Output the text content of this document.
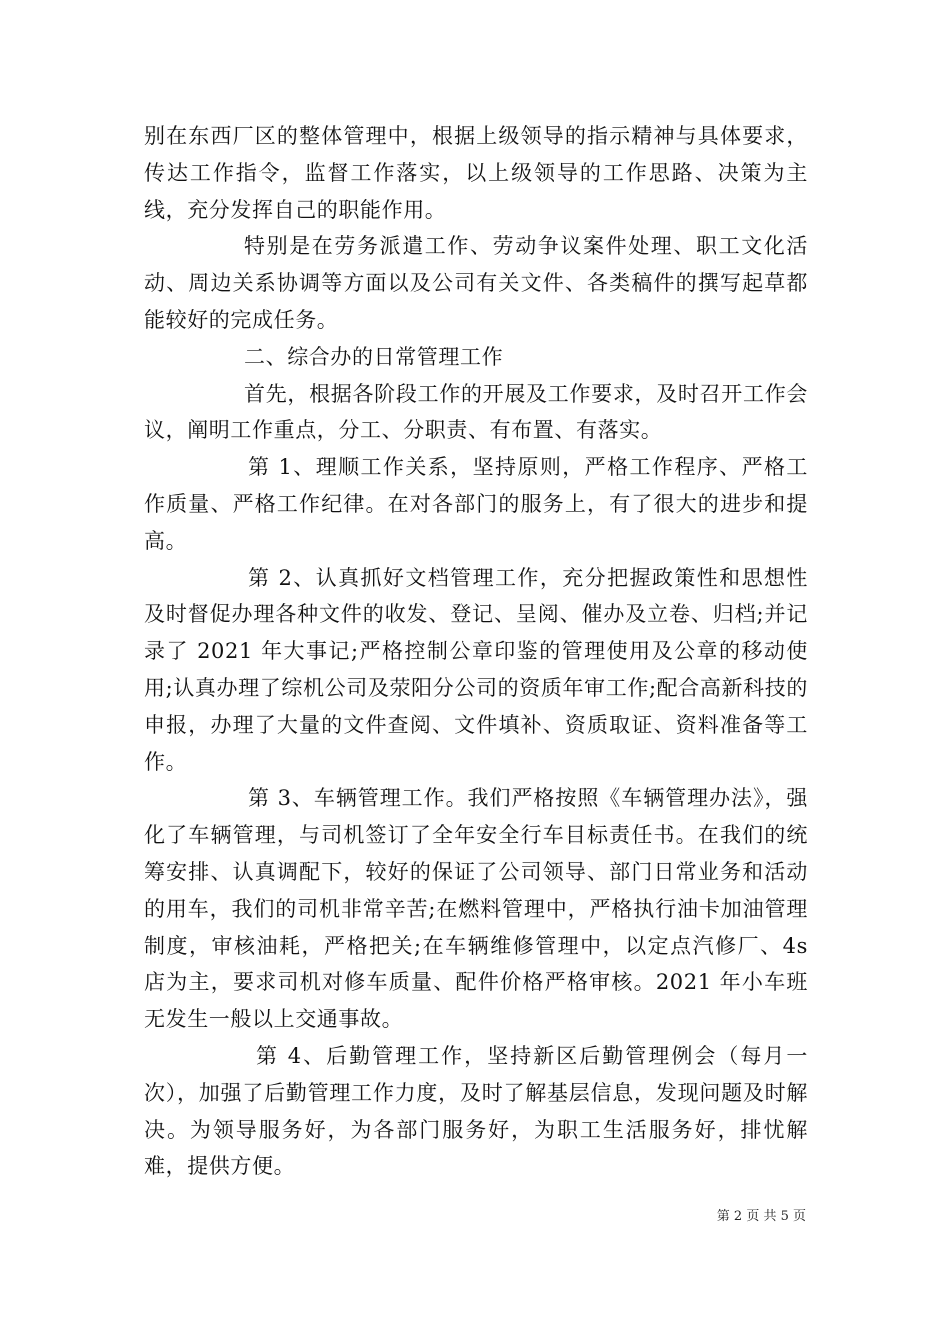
别在东西厂区的整体管理中，根据上级领导的指示精神与具体要求，传达工作指令，监督工作落实，以上级领导的工作思路、决策为主线，充分发挥自己的职能作用。

特别是在劳务派遣工作、劳动争议案件处理、职工文化活动、周边关系协调等方面以及公司有关文件、各类稿件的撰写起草都能较好的完成任务。

二、综合办的日常管理工作

首先，根据各阶段工作的开展及工作要求，及时召开工作会议，阐明工作重点，分工、分职责、有布置、有落实。

第 1、理顺工作关系，坚持原则，严格工作程序、严格工作质量、严格工作纪律。在对各部门的服务上，有了很大的进步和提高。

第 2、认真抓好文档管理工作，充分把握政策性和思想性及时督促办理各种文件的收发、登记、呈阅、催办及立卷、归档;并记录了 2021 年大事记;严格控制公章印鉴的管理使用及公章的移动使用;认真办理了综机公司及荥阳分公司的资质年审工作;配合高新科技的申报，办理了大量的文件查阅、文件填补、资质取证、资料准备等工作。

第 3、车辆管理工作。我们严格按照《车辆管理办法》，强化了车辆管理，与司机签订了全年安全行车目标责任书。在我们的统筹安排、认真调配下，较好的保证了公司领导、部门日常业务和活动的用车，我们的司机非常辛苦;在燃料管理中，严格执行油卡加油管理制度，审核油耗，严格把关;在车辆维修管理中，以定点汽修厂、4s 店为主，要求司机对修车质量、配件价格严格审核。2021 年小车班无发生一般以上交通事故。

第 4、后勤管理工作，坚持新区后勤管理例会（每月一次），加强了后勤管理工作力度，及时了解基层信息，发现问题及时解决。为领导服务好，为各部门服务好，为职工生活服务好，排忧解难，提供方便。

第 2 页 共 5 页
